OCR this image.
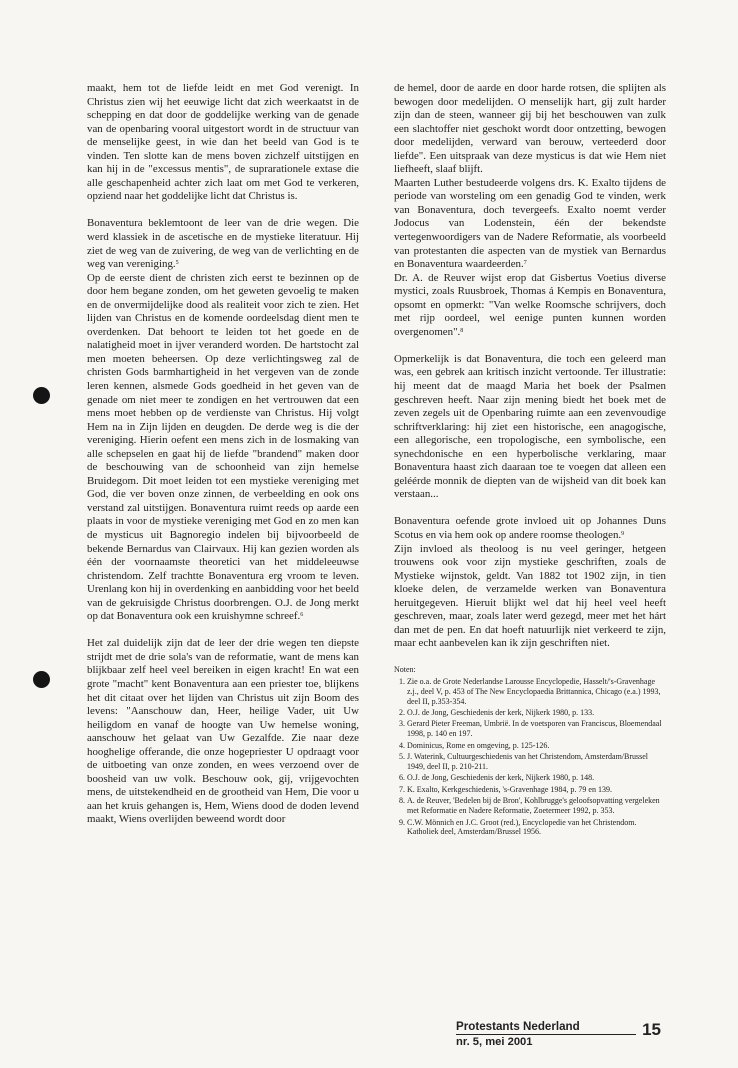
maakt, hem tot de liefde leidt en met God verenigt. In Christus zien wij het eeuwige licht dat zich weerkaatst in de schepping en dat door de goddelijke werking van de genade van de openbaring vooral uitgestort wordt in de structuur van de menselijke geest, in wie dan het beeld van God is te vinden. Ten slotte kan de mens boven zichzelf uitstijgen en kan hij in de "excessus mentis", de suprarationele extase die alle geschapenheid achter zich laat om met God te verkeren, opziend naar het goddelijke licht dat Christus is.

Bonaventura beklemtoont de leer van de drie wegen. Die werd klassiek in de ascetische en de mystieke literatuur. Hij ziet de weg van de zuivering, de weg van de verlichting en de weg van vereniging.$^5$

Op de eerste dient de christen zich eerst te bezinnen op de door hem begane zonden, om het geweten gevoelig te maken en de onvermijdelijke dood als realiteit voor zich te zien. Het lijden van Christus en de komende oordeelsdag dient men te overdenken. Dat behoort te leiden tot het goede en de nalatigheid moet in ijver veranderd worden. De hartstocht zal men moeten beheersen. Op deze verlichtingsweg zal de christen Gods barmhartigheid in het vergeven van de zonde leren kennen, alsmede Gods goedheid in het geven van de genade om niet meer te zondigen en het vertrouwen dat een mens moet hebben op de verdienste van Christus. Hij volgt Hem na in Zijn lijden en deugden. De derde weg is die der vereniging. Hierin oefent een mens zich in de losmaking van alle schepselen en gaat hij de liefde "brandend" maken door de beschouwing van de schoonheid van zijn hemelse Bruidegom. Dit moet leiden tot een mystieke vereniging met God, die ver boven onze zinnen, de verbeelding en ook ons verstand zal uitstijgen. Bonaventura ruimt reeds op aarde een plaats in voor de mystieke vereniging met God en zo men kan de mysticus uit Bagnoregio indelen bij bijvoorbeeld de bekende Bernardus van Clairvaux. Hij kan gezien worden als één der voornaamste theoretici van het middeleeuwse christendom. Zelf trachtte Bonaventura erg vroom te leven. Urenlang kon hij in overdenking en aanbidding voor het beeld van de gekruisigde Christus doorbrengen. O.J. de Jong merkt op dat Bonaventura ook een kruishymne schreef.$^6$

Het zal duidelijk zijn dat de leer der drie wegen ten diepste strijdt met de drie sola's van de reformatie, want de mens kan blijkbaar zelf heel veel bereiken in eigen kracht! En wat een grote "macht" kent Bonaventura aan een priester toe, blijkens het dit citaat over het lijden van Christus uit zijn Boom des levens: "Aanschouw dan, Heer, heilige Vader, uit Uw heiligdom en vanaf de hoogte van Uw hemelse woning, aanschouw het gelaat van Uw Gezalfde. Zie naar deze hooghelige offerande, die onze hogepriester U opdraagt voor de uitboeting van onze zonden, en wees verzoend over de boosheid van uw volk. Beschouw ook, gij, vrijgevochten mens, de uitstekendheid en de grootheid van Hem, Die voor u aan het kruis gehangen is, Hem, Wiens dood de doden levend maakt, Wiens overlijden beweend wordt door

de hemel, door de aarde en door harde rotsen, die splijten als bewogen door medelijden. O menselijk hart, gij zult harder zijn dan de steen, wanneer gij bij het beschouwen van zulk een slachtoffer niet geschokt wordt door ontzetting, bewogen door medelijden, verward van berouw, verteederd door liefde". Een uitspraak van deze mysticus is dat wie Hem niet liefheeft, slaaf blijft.

Maarten Luther bestudeerde volgens drs. K. Exalto tijdens de periode van worsteling om een genadig God te vinden, werk van Bonaventura, doch tevergeefs. Exalto noemt verder Jodocus van Lodenstein, één der bekendste vertegenwoordigers van de Nadere Reformatie, als voorbeeld van protestanten die aspecten van de mystiek van Bernardus en Bonaventura waardeerden.$^7$

Dr. A. de Reuver wijst erop dat Gisbertus Voetius diverse mystici, zoals Ruusbroek, Thomas á Kempis en Bonaventura, opsomt en opmerkt: "Van welke Roomsche schrijvers, doch met rijp oordeel, wel eenige punten kunnen worden overgenomen".$^8$

Opmerkelijk is dat Bonaventura, die toch een geleerd man was, een gebrek aan kritisch inzicht vertoonde. Ter illustratie: hij meent dat de maagd Maria het boek der Psalmen geschreven heeft. Naar zijn mening biedt het boek met de zeven zegels uit de Openbaring ruimte aan een zevenvoudige schriftverklaring: hij ziet een historische, een anagogische, een allegorische, een tropologische, een symbolische, een synechdonische en een hyperbolische verklaring, maar Bonaventura haast zich daaraan toe te voegen dat alleen een geléérde monnik de diepten van de wijsheid van dit boek kan verstaan...

Bonaventura oefende grote invloed uit op Johannes Duns Scotus en via hem ook op andere roomse theologen.$^9$

Zijn invloed als theoloog is nu veel geringer, hetgeen trouwens ook voor zijn mystieke geschriften, zoals de Mystieke wijnstok, geldt. Van 1882 tot 1902 zijn, in tien kloeke delen, de verzamelde werken van Bonaventura heruitgegeven. Hieruit blijkt wel dat hij heel veel heeft geschreven, maar, zoals later werd gezegd, meer met het hárt dan met de pen. En dat hoeft natuurlijk niet verkeerd te zijn, maar echt aanbevelen kan ik zijn geschriften niet.

Noten:
1. Zie o.a. de Grote Nederlandse Larousse Encyclopedie, Hasselt/'s-Gravenhage z.j., deel V, p. 453 of The New Encyclopaedia Brittannica, Chicago (e.a.) 1993, deel II, p.353-354.
2. O.J. de Jong, Geschiedenis der kerk, Nijkerk 1980, p. 133.
3. Gerard Pieter Freeman, Umbrië. In de voetsporen van Franciscus, Bloemendaal 1998, p. 140 en 197.
4. Dominicus, Rome en omgeving, p. 125-126.
5. J. Waterink, Cultuurgeschiedenis van het Christendom, Amsterdam/Brussel 1949, deel II, p. 210-211.
6. O.J. de Jong, Geschiedenis der kerk, Nijkerk 1980, p. 148.
7. K. Exalto, Kerkgeschiedenis, 's-Gravenhage 1984, p. 79 en 139.
8. A. de Reuver, 'Bedelen bij de Bron', Kohlbrugge's geloofsopvatting vergeleken met Reformatie en Nadere Reformatie, Zoetermeer 1992, p. 353.
9. C.W. Mönnich en J.C. Groot (red.), Encyclopedie van het Christendom. Katholiek deel, Amsterdam/Brussel 1956.
Protestants Nederland
nr. 5, mei 2001
15
